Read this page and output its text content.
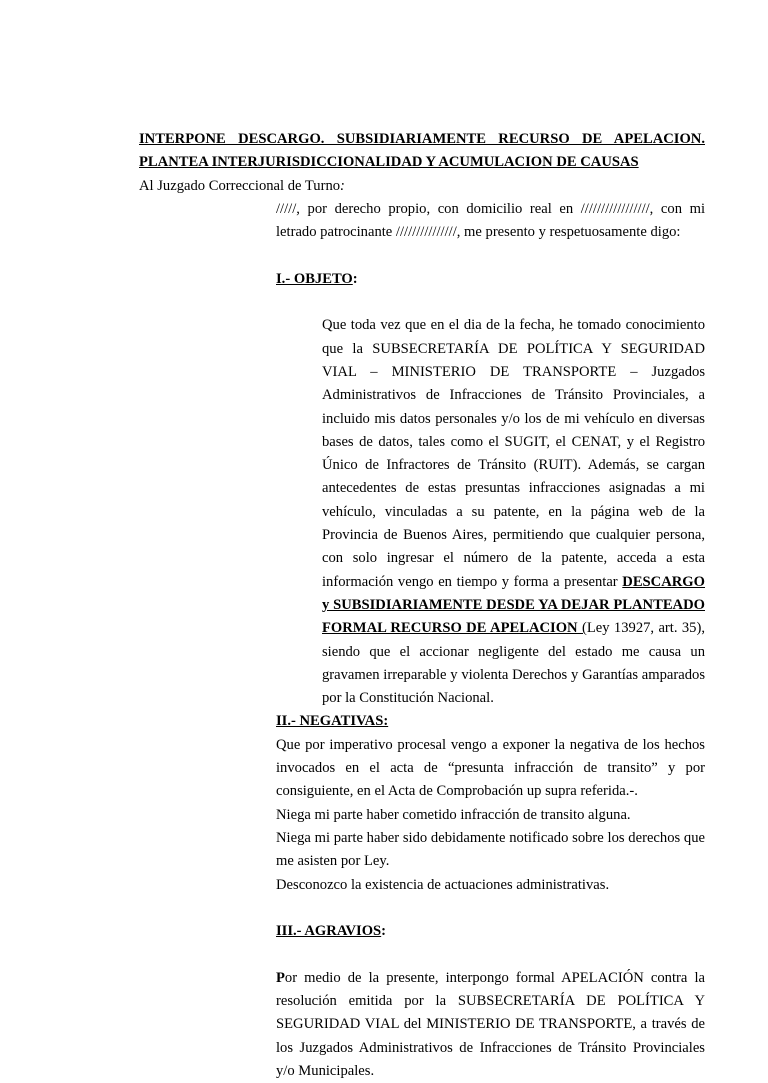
INTERPONE DESCARGO. SUBSIDIARIAMENTE RECURSO DE APELACION. PLANTEA INTERJURISDICCIONALIDAD Y ACUMULACION DE CAUSAS

Al Juzgado Correccional de Turno:

/////, por derecho propio, con domicilio real en /////////////////, con mi letrado patrocinante ///////////////, me presento y respetuosamente digo:

I.- OBJETO:

Que toda vez que en el dia de la fecha, he tomado conocimiento que la SUBSECRETARÍA DE POLÍTICA Y SEGURIDAD VIAL – MINISTERIO DE TRANSPORTE – Juzgados Administrativos de Infracciones de Tránsito Provinciales, a incluido mis datos personales y/o los de mi vehículo en diversas bases de datos, tales como el SUGIT, el CENAT, y el Registro Único de Infractores de Tránsito (RUIT). Además, se cargan antecedentes de estas presuntas infracciones asignadas a mi vehículo, vinculadas a su patente, en la página web de la Provincia de Buenos Aires, permitiendo que cualquier persona, con solo ingresar el número de la patente, acceda a esta información vengo en tiempo y forma a presentar DESCARGO y SUBSIDIARIAMENTE DESDE YA DEJAR PLANTEADO FORMAL RECURSO DE APELACION (Ley 13927, art. 35), siendo que el accionar negligente del estado me causa un gravamen irreparable y violenta Derechos y Garantías amparados por la Constitución Nacional.

II.- NEGATIVAS:

Que por imperativo procesal vengo a exponer la negativa de los hechos invocados en el acta de “presunta infracción de transito” y por consiguiente, en el Acta de Comprobación up supra referida.-.

Niega mi parte haber cometido infracción de transito alguna.

Niega mi parte haber sido debidamente notificado sobre los derechos que me asisten por Ley.

Desconozco la existencia de actuaciones administrativas.

III.- AGRAVIOS:

Por medio de la presente, interpongo formal APELACIÓN contra la resolución emitida por la SUBSECRETARÍA DE POLÍTICA Y SEGURIDAD VIAL del MINISTERIO DE TRANSPORTE, a través de los Juzgados Administrativos de Infracciones de Tránsito Provinciales y/o Municipales.
